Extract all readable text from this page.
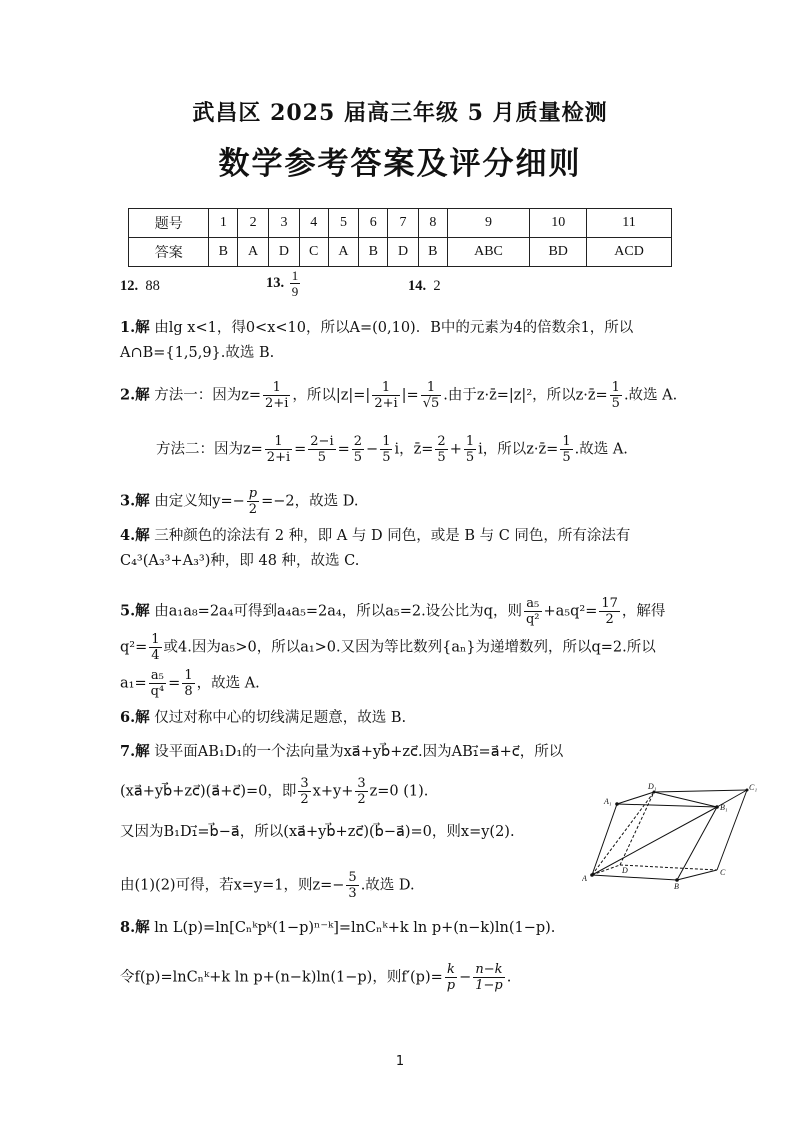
武昌区 2025 届高三年级 5 月质量检测
数学参考答案及评分细则
题号	1	2	3	4	5	6	7	8	9	10	11
答案	B	A	D	C	A	B	D	B	ABC	BD	ACD
12. 88	13. $\frac{1}{9}$	14. 2
1.解 由lg x<1，得0<x<10，所以A=(0,10)．B中的元素为4的倍数余1，所以
A∩B={1,5,9}.故选 B.
2.解 方法一：因为$z= \frac{1}{2+i}$ ，所以$|z|=| \frac{1}{2+i}$ |= $\frac{1}{√5}$ .由于z·z̄=|z|²，所以z·z̄= $\frac{1}{5}$ .故选 A.
方法二：因为$z= \frac{1}{2+i} = \frac{2-i}{5} = \frac{2}{5} - \frac{1}{5}$ i，z̄= $\frac{2}{5} + \frac{1}{5}$ i，所以z·z̄= $\frac{1}{5}$ .故选 A.
3.解 由定义知$y=- \frac{p}{2} =-2$，故选 D.
4.解 三种颜色的涂法有 2 种，即 A 与 D 同色，或是 B 与 C 同色，所有涂法有
C₄³(A₃³+A₃³)种，即 48 种，故选 C.
5.解 由a₁a₈=2a₄可得到a₄a₅=2a₄，所以a₅=2.设公比为q，则 $\frac{\text{a₅}}{\text{q²}} +a_5q^2= \frac{17}{2}$ ，解得
$q^2= \frac{1}{4}$ 或4.因为a₅>0，所以a₁>0.又因为等比数列{aₙ}为递增数列，所以q=2.所以
$a_1= \frac{\text{a₅}}{\text{q⁴}} = \frac{1}{8}$ ，故选 A.
6.解 仅过对称中心的切线满足题意，故选 B.
7.解 设平面AB₁D₁的一个法向量为xa⃗+yb⃗+zc⃗.因为AB₁⃗=a⃗+c⃗，所以
(xa⃗+yb⃗+zc⃗)(a⃗+c⃗)=0，即 $\frac{3}{2} x+y+ \frac{3}{2} z=0$ (1).
又因为B₁D₁⃗=b⃗−a⃗，所以(xa⃗+yb⃗+zc⃗)(b⃗−a⃗)=0，则x=y(2).
由(1)(2)可得，若x=y=1，则$z=- \frac{5}{3}$ .故选 D.
8.解 ln L(p)=ln[Cₙᵏpᵏ(1−p)ⁿ⁻ᵏ]=lnCₙᵏ+k ln p+(n−k)ln(1−p).
令f(p)=lnCₙᵏ+k ln p+(n−k)ln(1−p)，则$f'(p)= \frac{k}{p} - \frac{n-k}{1-p}$ .
A₁
D₁	C₁
B₁
A
D
B
C
1
